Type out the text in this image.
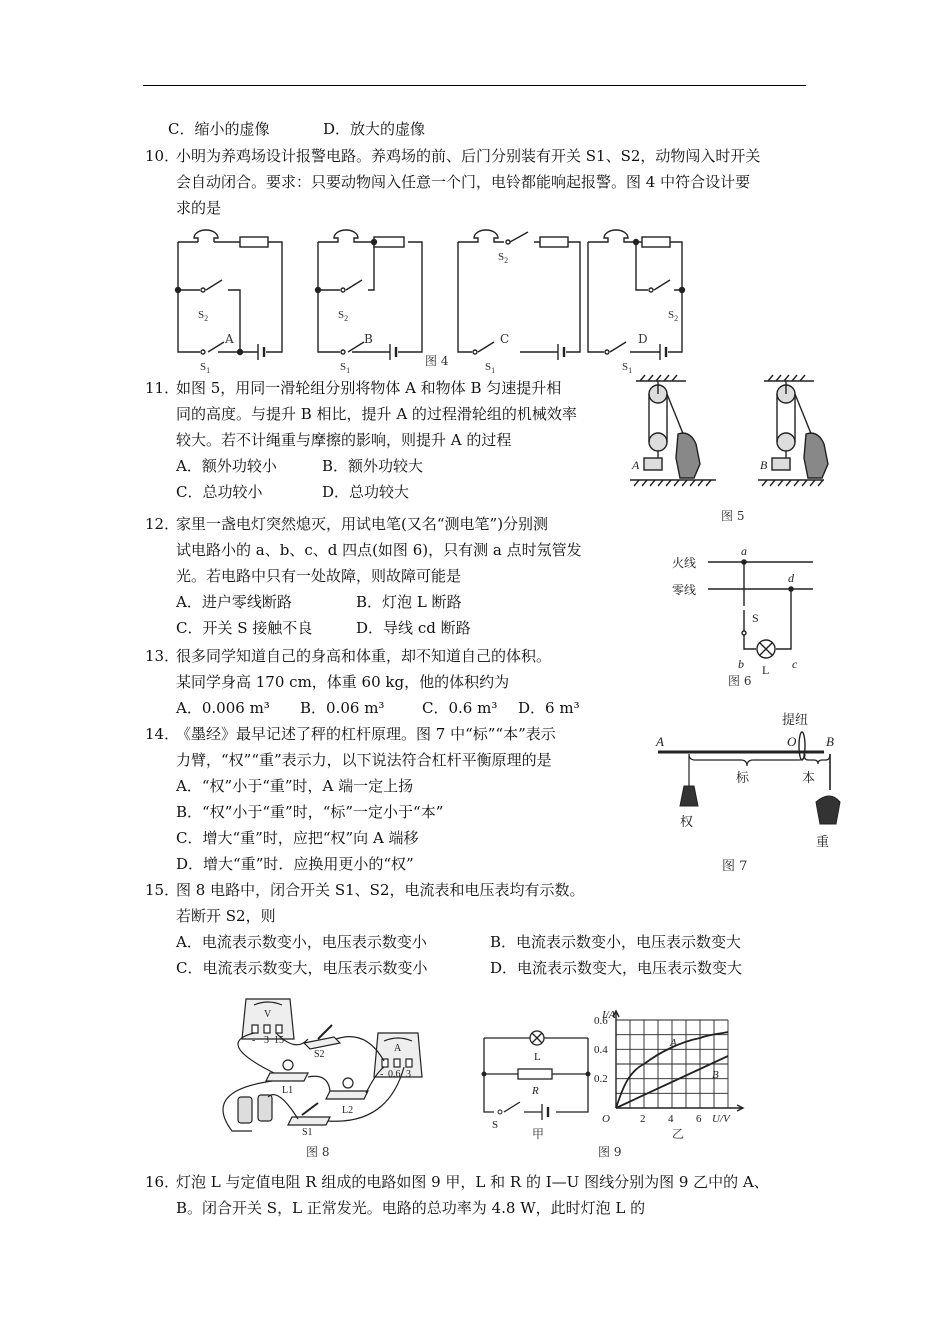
C．缩小的虚像	D．放大的虚像
10．
小明为养鸡场设计报警电路。养鸡场的前、后门分别装有开关 S1、S2，动物闯入时开关
会自动闭合。要求：只要动物闯入任意一个门，电铃都能响起报警。图 4 中符合设计要
求的是
$S_2$
$S_1$
$S_2$
$S_1$
$S_2$
$S_1$
$S_2$
$S_1$
A	B	C	D
图 4
11．
如图 5，用同一滑轮组分别将物体 A 和物体 B 匀速提升相
同的高度。与提升 B 相比，提升 A 的过程滑轮组的机械效率
较大。若不计绳重与摩擦的影响，则提升 A 的过程
A．额外功较小	B．额外功较大
C．总功较小	D．总功较大
A	B
图 5
12．
家里一盏电灯突然熄灭，用试电笔(又名“测电笔”)分别测
试电路小的 a、b、c、d 四点(如图 6)，只有测 a 点时氖管发
光。若电路中只有一处故障，则故障可能是
A．进户零线断路	B．灯泡 L 断路
C．开关 S 接触不良	D．导线 cd 断路
火线
零线
a
b	c
d
S
L
图 6
13．
很多同学知道自己的身高和体重，却不知道自己的体积。
某同学身高 170 cm，体重 60 kg，他的体积约为
A．0.006 m³ B．0.06 m³	C．0.6 m³ D．6 m³
14．
《墨经》最早记述了秤的杠杆原理。图 7 中“标”“本”表示
力臂，“权”“重”表示力，以下说法符合杠杆平衡原理的是
A．“权”小于“重”时，A 端一定上扬
B．“权”小于“重”时，“标”一定小于“本”
C．增大“重”时，应把“权”向 A 端移
D．增大“重”时．应换用更小的“权”
A	B
O
提纽
标	本
权
重
图 7
15．
图 8 电路中，闭合开关 S1、S2，电流表和电压表均有示数。
若断开 S2，则
A．电流表示数变小，电压表示数变小	B．电流表示数变小，电压表示数变大
C．电流表示数变大，电压表示数变小	D．电流表示数变大，电压表示数变大
V
- 3 15
A
- 0.6 3
L1
L2
S1
S2
图 8
L
R
S
甲
I/A
0.6
0.4
0.2
O	2 4 6 U/V
A
B
乙
图 9
16．
灯泡 L 与定值电阻 R 组成的电路如图 9 甲，L 和 R 的 I—U 图线分别为图 9 乙中的 A、
B。闭合开关 S，L 正常发光。电路的总功率为 4.8 W，此时灯泡 L 的
